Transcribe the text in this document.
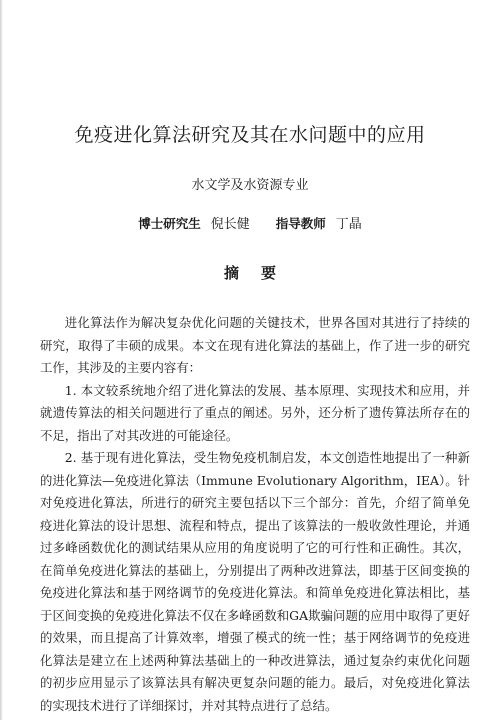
免疫进化算法研究及其在水问题中的应用
水文学及水资源专业
博士研究生 倪长健 指导教师 丁晶
摘要

进化算法作为解决复杂优化问题的关键技术，世界各国对其进行了持续的研究，取得了丰硕的成果。本文在现有进化算法的基础上，作了进一步的研究工作，其涉及的主要内容有：

1. 本文较系统地介绍了进化算法的发展、基本原理、实现技术和应用，并就遗传算法的相关问题进行了重点的阐述。另外，还分析了遗传算法所存在的不足，指出了对其改进的可能途径。

2. 基于现有进化算法，受生物免疫机制启发，本文创造性地提出了一种新的进化算法—免疫进化算法（Immune Evolutionary Algorithm，IEA）。针对免疫进化算法，所进行的研究主要包括以下三个部分：首先，介绍了简单免疫进化算法的设计思想、流程和特点，提出了该算法的一般收敛性理论，并通过多峰函数优化的测试结果从应用的角度说明了它的可行性和正确性。其次，在简单免疫进化算法的基础上，分别提出了两种改进算法，即基于区间变换的免疫进化算法和基于网络调节的免疫进化算法。和简单免疫进化算法相比，基于区间变换的免疫进化算法不仅在多峰函数和GA欺骗问题的应用中取得了更好的效果，而且提高了计算效率，增强了模式的统一性；基于网络调节的免疫进化算法是建立在上述两种算法基础上的一种改进算法，通过复杂约束优化问题的初步应用显示了该算法具有解决更复杂问题的能力。最后，对免疫进化算法的实现技术进行了详细探讨，并对其特点进行了总结。
